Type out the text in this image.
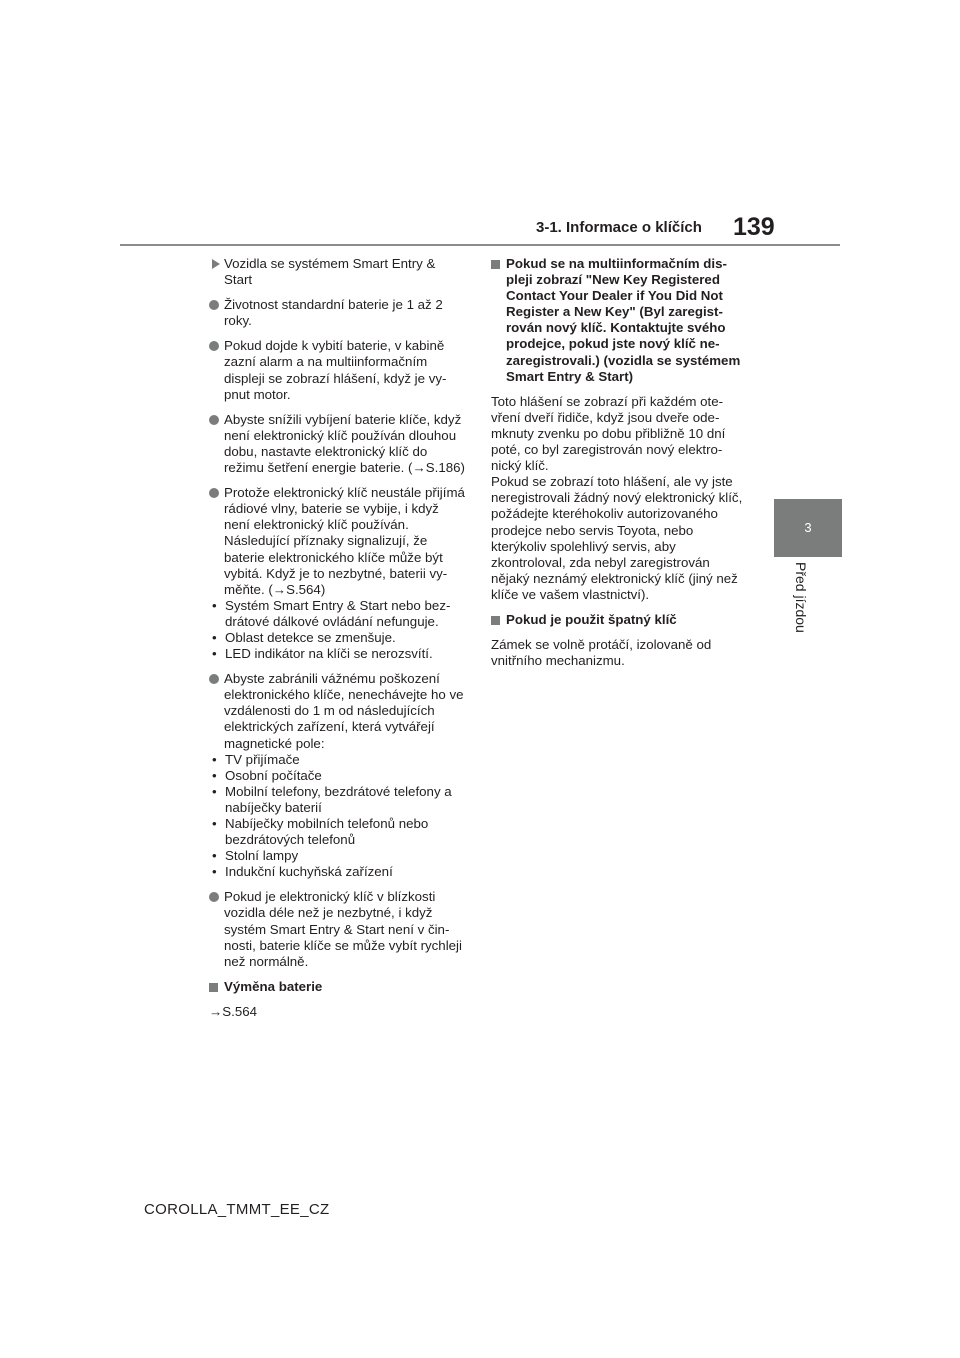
3-1. Informace o klíčích 139
3
Před jízdou
Vozidla se systémem Smart Entry & Start
Životnost standardní baterie je 1 až 2 roky.
Pokud dojde k vybití baterie, v kabině zazní alarm a na multiinformačním displeji se zobrazí hlášení, když je vypnut motor.
Abyste snížili vybíjení baterie klíče, když není elektronický klíč používán dlouhou dobu, nastavte elektronický klíč do režimu šetření energie baterie. (→S.186)
Protože elektronický klíč neustále přijímá rádiové vlny, baterie se vybije, i když není elektronický klíč používán. Následující příznaky signalizují, že baterie elektronického klíče může být vybitá. Když je to nezbytné, baterii vyměňte. (→S.564)
• Systém Smart Entry & Start nebo bezdrátové dálkové ovládání nefunguje.
• Oblast detekce se zmenšuje.
• LED indikátor na klíči se nerozsvítí.
Abyste zabránili vážnému poškození elektronického klíče, nenechávejte ho ve vzdálenosti do 1 m od následujících elektrických zařízení, která vytvářejí magnetické pole:
• TV přijímače
• Osobní počítače
• Mobilní telefony, bezdrátové telefony a nabíječky baterií
• Nabíječky mobilních telefonů nebo bezdrátových telefonů
• Stolní lampy
• Indukční kuchyňská zařízení
Pokud je elektronický klíč v blízkosti vozidla déle než je nezbytné, i když systém Smart Entry & Start není v činnosti, baterie klíče se může vybít rychleji než normálně.
Výměna baterie
→S.564
Pokud se na multiinformačním displeji zobrazí "New Key Registered Contact Your Dealer if You Did Not Register a New Key" (Byl zaregistrován nový klíč. Kontaktujte svého prodejce, pokud jste nový klíč nezaregistrovali.) (vozidla se systémem Smart Entry & Start)
Toto hlášení se zobrazí při každém otevření dveří řidiče, když jsou dveře odemknuty zvenku po dobu přibližně 10 dní poté, co byl zaregistrován nový elektronický klíč.
Pokud se zobrazí toto hlášení, ale vy jste neregistrovali žádný nový elektronický klíč, požádejte kteréhokoliv autorizovaného prodejce nebo servis Toyota, nebo kterýkoliv spolehlivý servis, aby zkontroloval, zda nebyl zaregistrován nějaký neznámý elektronický klíč (jiný než klíče ve vašem vlastnictví).
Pokud je použit špatný klíč
Zámek se volně protáčí, izolovaně od vnitřního mechanizmu.
COROLLA_TMMT_EE_CZ
